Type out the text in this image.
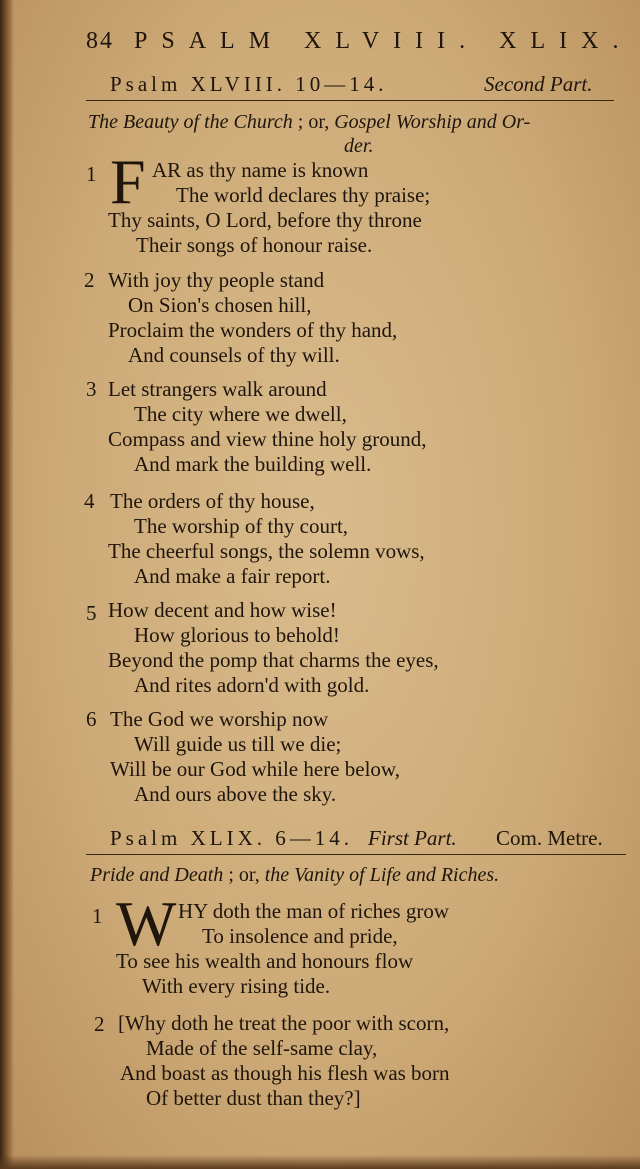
84 PSALM XLVIII. XLIX.
Psalm XLVIII. 10—14.	Second Part.
The Beauty of the Church ; or, Gospel Worship and Or-
der.
1 F AR as thy name is known
The world declares thy praise;
Thy saints, O Lord, before thy throne
Their songs of honour raise.
2 With joy thy people stand
On Sion's chosen hill,
Proclaim the wonders of thy hand,
And counsels of thy will.
3 Let strangers walk around
The city where we dwell,
Compass and view thine holy ground,
And mark the building well.
4 The orders of thy house,
The worship of thy court,
The cheerful songs, the solemn vows,
And make a fair report.
5 How decent and how wise!
How glorious to behold!
Beyond the pomp that charms the eyes,
And rites adorn'd with gold.
6 The God we worship now
Will guide us till we die;
Will be our God while here below,
And ours above the sky.
Psalm XLIX. 6—14. First Part. Com. Metre.
Pride and Death ; or, the Vanity of Life and Riches.
1 W HY doth the man of riches grow
To insolence and pride,
To see his wealth and honours flow
With every rising tide.
2 [Why doth he treat the poor with scorn,
Made of the self-same clay,
And boast as though his flesh was born
Of better dust than they?]
